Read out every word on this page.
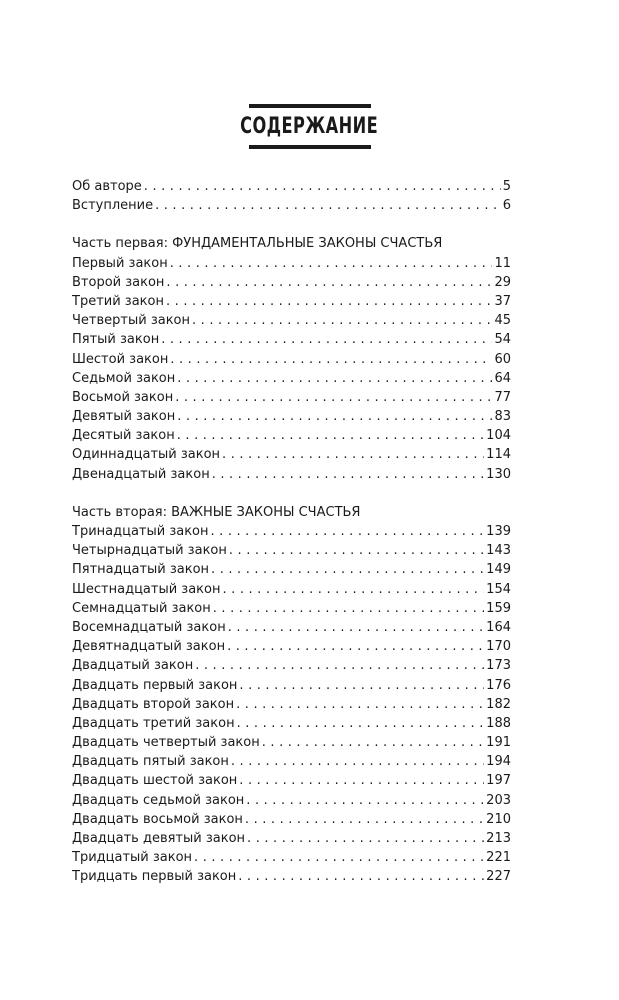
СОДЕРЖАНИЕ
Об авторе . . .	5
Вступление . . .	6
Часть первая: ФУНДАМЕНТАЛЬНЫЕ ЗАКОНЫ СЧАСТЬЯ
Первый закон . . .	11
Второй закон . . .	29
Третий закон . . .	37
Четвертый закон . . .	45
Пятый закон . . .	54
Шестой закон . . .	60
Седьмой закон . . .	64
Восьмой закон . . .	77
Девятый закон . . .	83
Десятый закон . . .	104
Одиннадцатый закон . . .	114
Двенадцатый закон . . .	130
Часть вторая: ВАЖНЫЕ ЗАКОНЫ СЧАСТЬЯ
Тринадцатый закон . . .	139
Четырнадцатый закон . . .	143
Пятнадцатый закон . . .	149
Шестнадцатый закон . . .	154
Семнадцатый закон . . .	159
Восемнадцатый закон . . .	164
Девятнадцатый закон . . .	170
Двадцатый закон . . .	173
Двадцать первый закон . . .	176
Двадцать второй закон . . .	182
Двадцать третий закон . . .	188
Двадцать четвертый закон . . .	191
Двадцать пятый закон . . .	194
Двадцать шестой закон . . .	197
Двадцать седьмой закон . . .	203
Двадцать восьмой закон . . .	210
Двадцать девятый закон . . .	213
Тридцатый закон . . .	221
Тридцать первый закон . . .	227
